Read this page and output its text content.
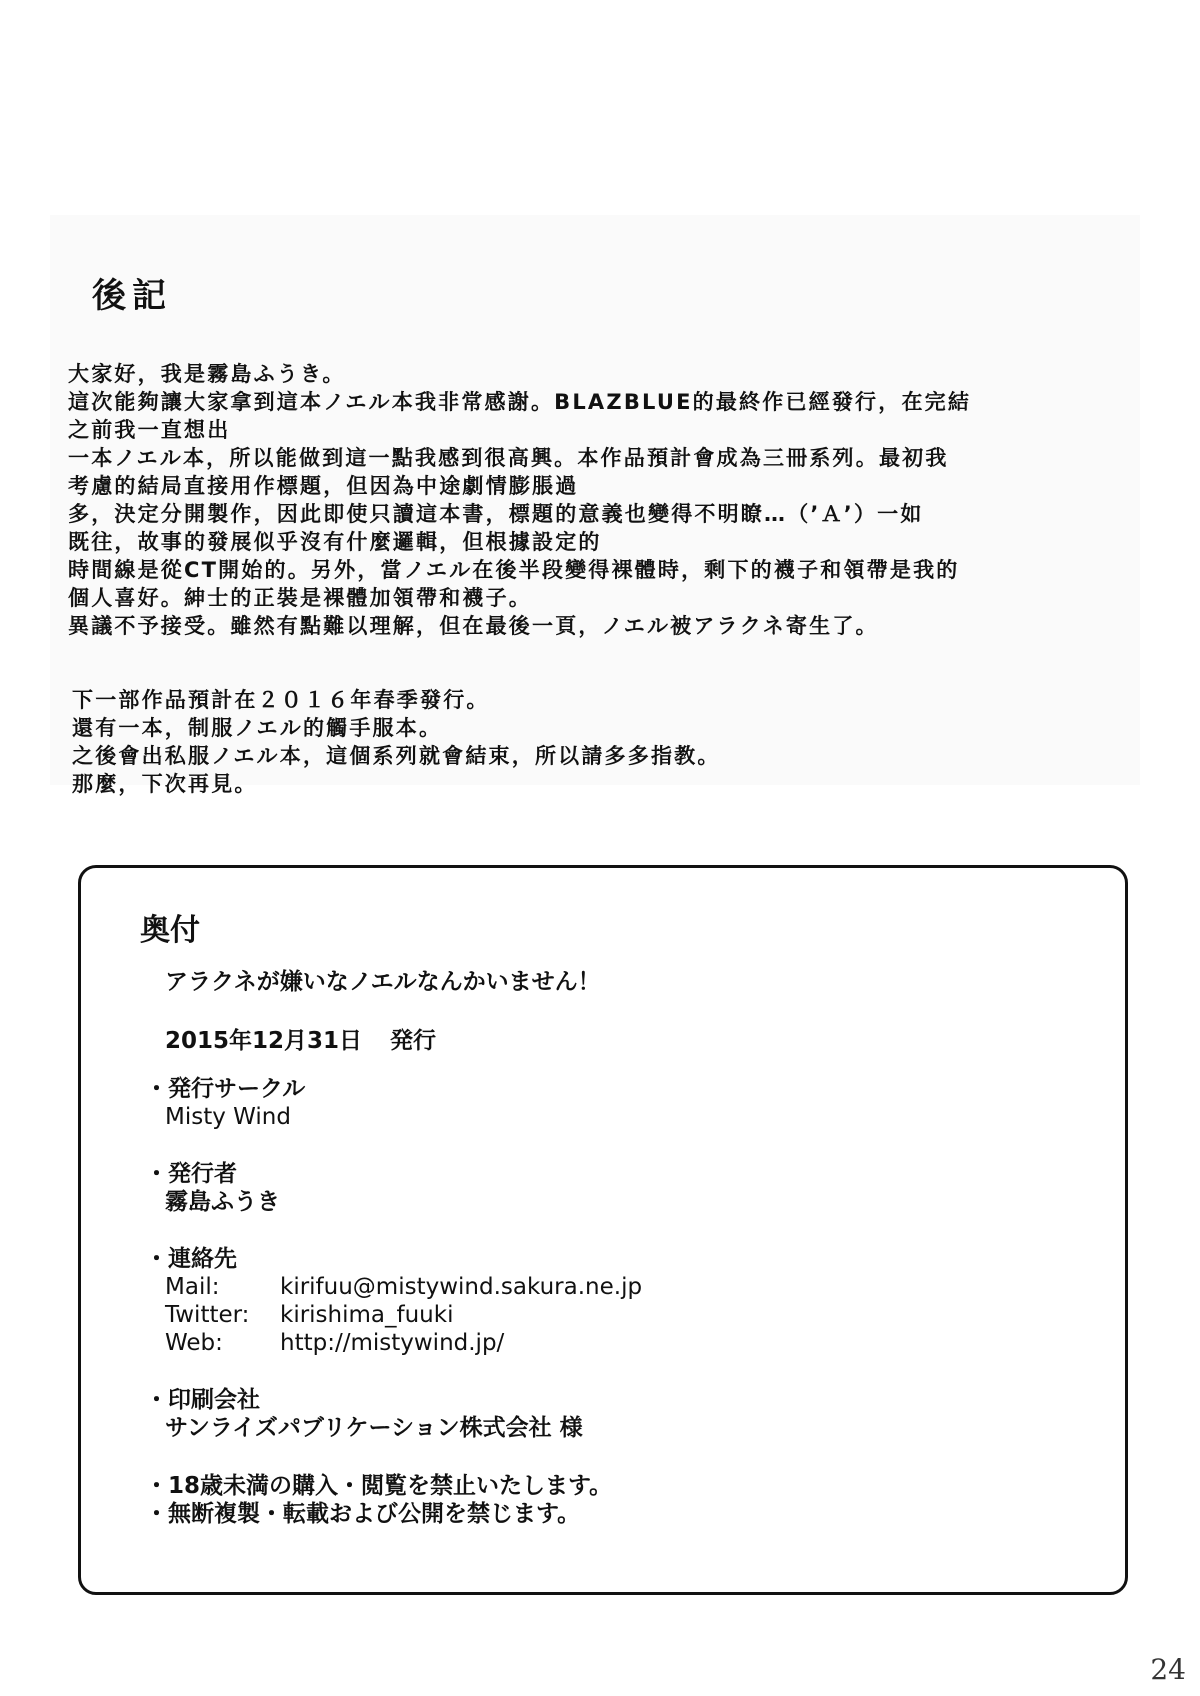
後記
大家好，我是霧島ふうき。
這次能夠讓大家拿到這本ノエル本我非常感謝。BLAZBLUE的最終作已經發行，在完結
之前我一直想出
一本ノエル本，所以能做到這一點我感到很高興。本作品預計會成為三冊系列。最初我
考慮的結局直接用作標題，但因為中途劇情膨脹過
多，決定分開製作，因此即使只讀這本書，標題的意義也變得不明瞭…（’Ａ’）一如
既往，故事的發展似乎沒有什麼邏輯，但根據設定的
時間線是從CT開始的。另外，當ノエル在後半段變得裸體時，剩下的襪子和領帶是我的
個人喜好。紳士的正裝是裸體加領帶和襪子。
異議不予接受。雖然有點難以理解，但在最後一頁，ノエル被アラクネ寄生了。
下一部作品預計在２０１６年春季發行。
還有一本，制服ノエル的觸手服本。
之後會出私服ノエル本，這個系列就會結束，所以請多多指教。
那麼，下次再見。
奥付
アラクネが嫌いなノエルなんかいません！
2015年12月31日 発行
・発行サークル
Misty Wind
・発行者
霧島ふうき
・連絡先
Mail:	kirifuu@mistywind.sakura.ne.jp
Twitter: kirishima_fuuki
Web: http://mistywind.jp/
・印刷会社
サンライズパブリケーション株式会社 様
・18歳未満の購入・閲覧を禁止いたします。
・無断複製・転載および公開を禁じます。
24
